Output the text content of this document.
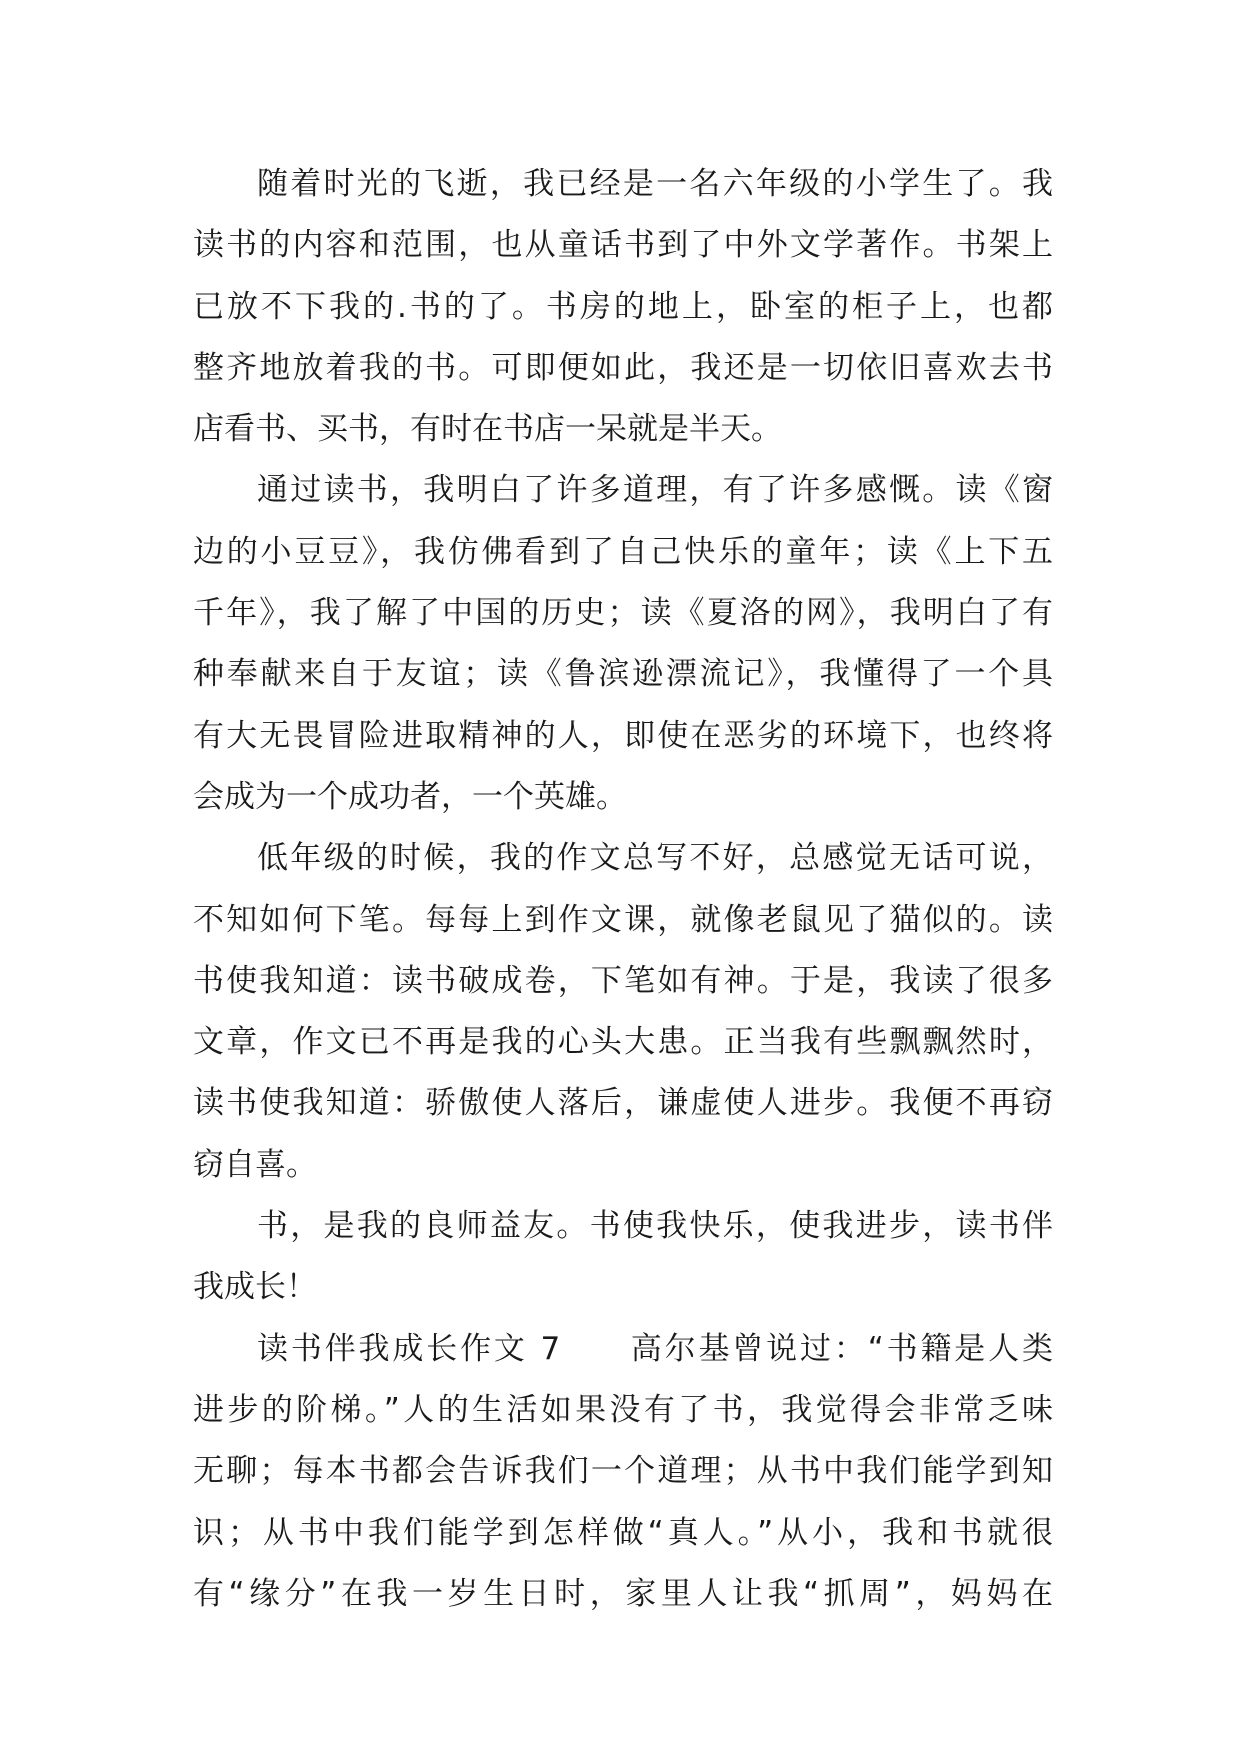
随着时光的飞逝，我已经是一名六年级的小学生了。我
读书的内容和范围，也从童话书到了中外文学著作。书架上
已放不下我的.书的了。书房的地上，卧室的柜子上，也都
整齐地放着我的书。可即便如此，我还是一切依旧喜欢去书
店看书、买书，有时在书店一呆就是半天。
通过读书，我明白了许多道理，有了许多感慨。读《窗
边的小豆豆》，我仿佛看到了自己快乐的童年；读《上下五
千年》，我了解了中国的历史；读《夏洛的网》，我明白了有
种奉献来自于友谊；读《鲁滨逊漂流记》，我懂得了一个具
有大无畏冒险进取精神的人，即使在恶劣的环境下，也终将
会成为一个成功者，一个英雄。
低年级的时候，我的作文总写不好，总感觉无话可说，
不知如何下笔。每每上到作文课，就像老鼠见了猫似的。读
书使我知道：读书破成卷，下笔如有神。于是，我读了很多
文章，作文已不再是我的心头大患。正当我有些飘飘然时，
读书使我知道：骄傲使人落后，谦虚使人进步。我便不再窃
窃自喜。
书，是我的良师益友。书使我快乐，使我进步，读书伴
我成长！
读书伴我成长作文 7　　高尔基曾说过：“书籍是人类
进步的阶梯。”人的生活如果没有了书，我觉得会非常乏味
无聊；每本书都会告诉我们一个道理；从书中我们能学到知
识；从书中我们能学到怎样做“真人。”从小，我和书就很
有“缘分”在我一岁生日时，家里人让我“抓周”，妈妈在
